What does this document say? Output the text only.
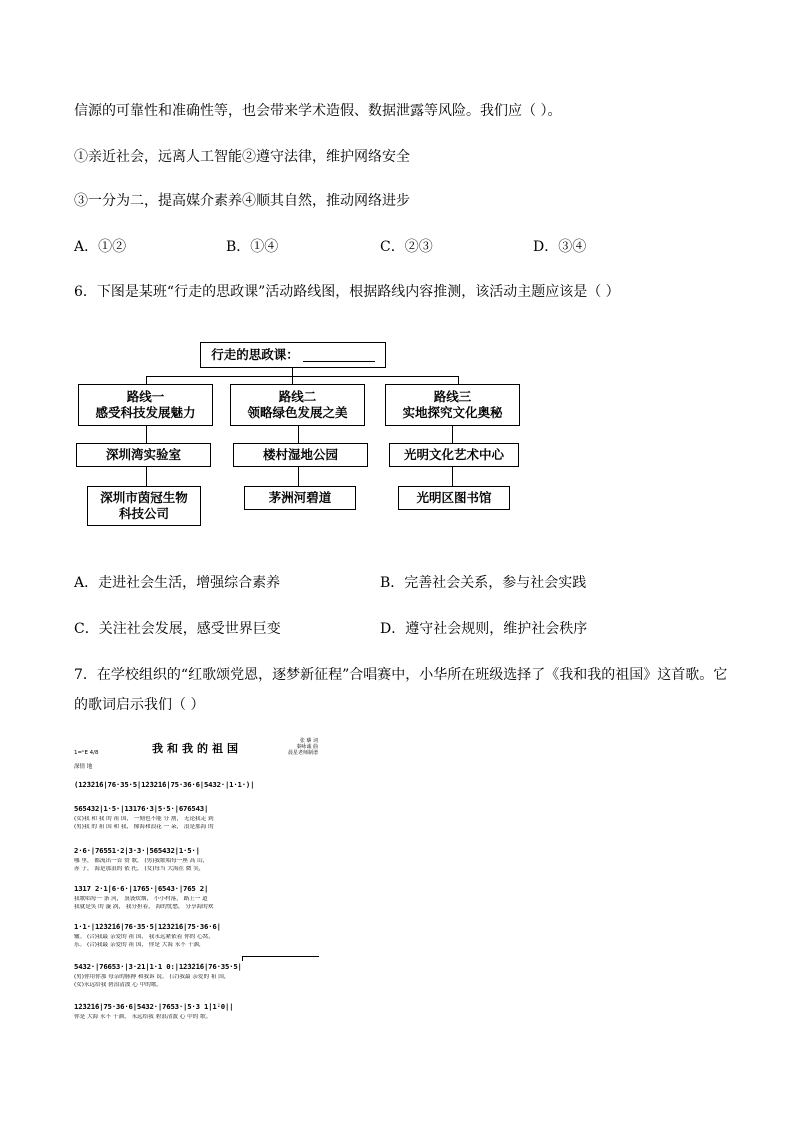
信源的可靠性和准确性等，也会带来学术造假、数据泄露等风险。我们应（ ）。
①亲近社会，远离人工智能②遵守法律，维护网络安全
③一分为二，提高媒介素养④顺其自然，推动网络进步
A．①②	B．①④	C．②③	D．③④
6．下图是某班“行走的思政课”活动路线图，根据路线内容推测，该活动主题应该是（ ）
行走的思政课：
路线一
感受科技发展魅力
路线二
领略绿色发展之美
路线三
实地探究文化奥秘
深圳湾实验室	楼村湿地公园	光明文化艺术中心
深圳市茵冠生物
科技公司
茅洲河碧道	光明区图书馆
A．走进社会生活，增强综合素养	B．完善社会关系，参与社会实践
C．关注社会发展，感受世界巨变	D．遵守社会规则，维护社会秩序
7．在学校组织的“红歌颂党恩，逐梦新征程”合唱赛中，小华所在班级选择了《我和我的祖国》这首歌。它
的歌词启示我们（ ）
我和我的祖国
张 藜 词
秦咏诚 曲
晨星老师制谱
1=ᵇE 4/8
深情 地
(1̇2̇3̇2̇1̇6|76·35·5|1̇2̇3̇2̇1̇6|75·36·6|5432·|1·1·)|
565432|1·5·|13176·3|5·5·|676543|
(女)我 和 我 的 祖 国， 一刻也不能 分 割， 无论我走 到
(男)我 的 祖 国 和 我， 像海和浪花 一 朵， 浪是那海 的
2·6·|76551·2|3·3·|565432|1·5·|
哪 里， 都流出一首 赞 歌， (男)我歌唱每一座 高 山，
赤 子， 海是那浪的 依 托， (女)每当 大海在 微 笑，
1317 2·1̇|6·6·|1765·|6543·|765 2|
我歌唱每一 条 河， 袅袅炊烟， 小小村落， 路上一 道
我就是笑 的 漩 涡， 我分担着， 海的忧愁， 分享海的欢
1·1·|1̇2̇3̇2̇1̇6|76·35·5|1̇2̇3̇2̇1̇6|75·36·6|
辙。 (合)我最 亲爱的 祖 国， 我永远紧依着 你的 心窝，
乐。 (合)我最 亲爱的 祖 国， 你是 大海 永不 干涸，
5432·|76653·|3·21|1·1 0:|1̇2̇3̇2̇1̇6|76·35·5|
(男)你用你那 母亲的脉搏 和我诉 说。 (合)我最 亲爱的 祖 国，
(女)永远给我 碧浪清波 心 中的歌。
1̇2̇3̇2̇1̇6|75·36·6|5432·|7653·|5·3 1̇|1̇·0||
你是 大海 永不 干涸， 永远给我 碧浪清波 心 中的 歌。
